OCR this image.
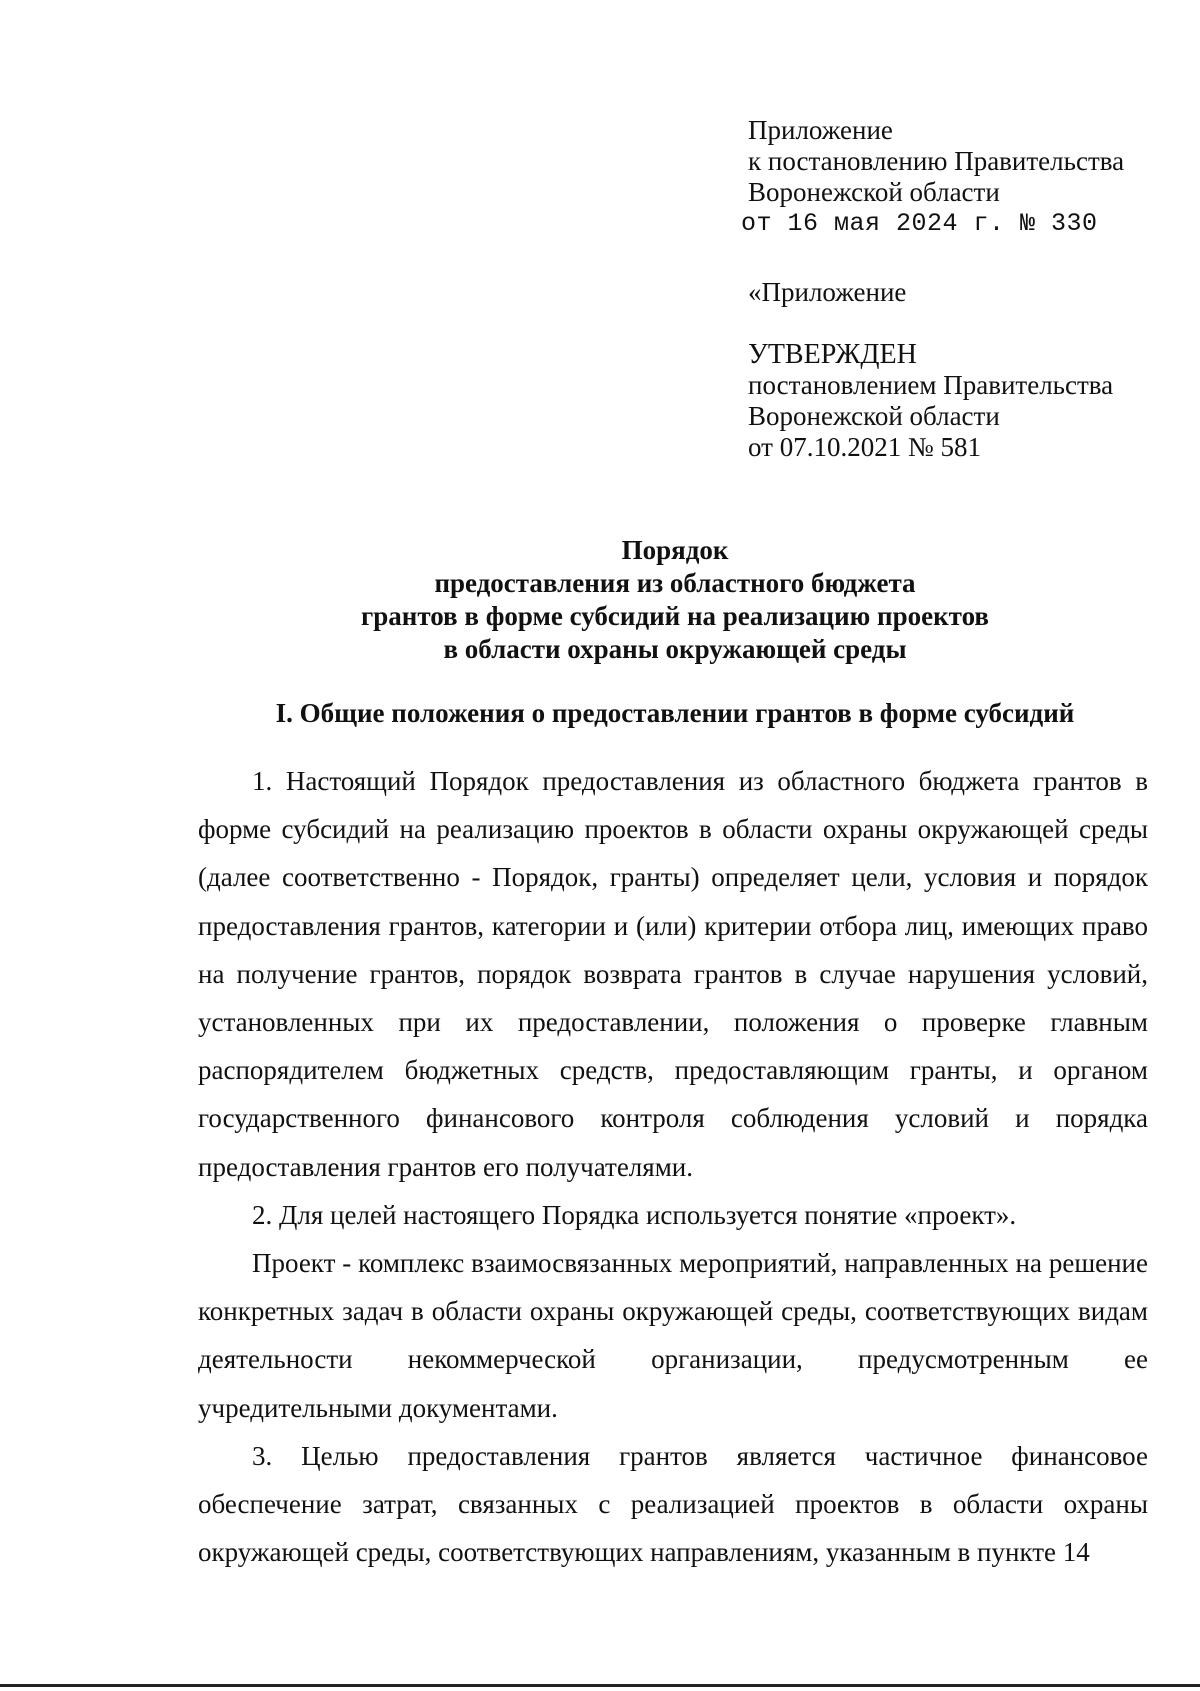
Приложение
к постановлению Правительства
Воронежской области
от 16 мая 2024 г. № 330
«Приложение
УТВЕРЖДЕН
постановлением Правительства
Воронежской области
от 07.10.2021 № 581
Порядок
предоставления из областного бюджета
грантов в форме субсидий на реализацию проектов
в области охраны окружающей среды
I. Общие положения о предоставлении грантов в форме субсидий

1. Настоящий Порядок предоставления из областного бюджета грантов в форме субсидий на реализацию проектов в области охраны окружающей среды (далее соответственно - Порядок, гранты) определяет цели, условия и порядок предоставления грантов, категории и (или) критерии отбора лиц, имеющих право на получение грантов, порядок возврата грантов в случае нарушения условий, установленных при их предоставлении, положения о проверке главным распорядителем бюджетных средств, предоставляющим гранты, и органом государственного финансового контроля соблюдения условий и порядка предоставления грантов его получателями.

2. Для целей настоящего Порядка используется понятие «проект».

Проект - комплекс взаимосвязанных мероприятий, направленных на решение конкретных задач в области охраны окружающей среды, соответствующих видам деятельности некоммерческой организации, предусмотренным ее учредительными документами.

3. Целью предоставления грантов является частичное финансовое обеспечение затрат, связанных с реализацией проектов в области охраны окружающей среды, соответствующих направлениям, указанным в пункте 14
